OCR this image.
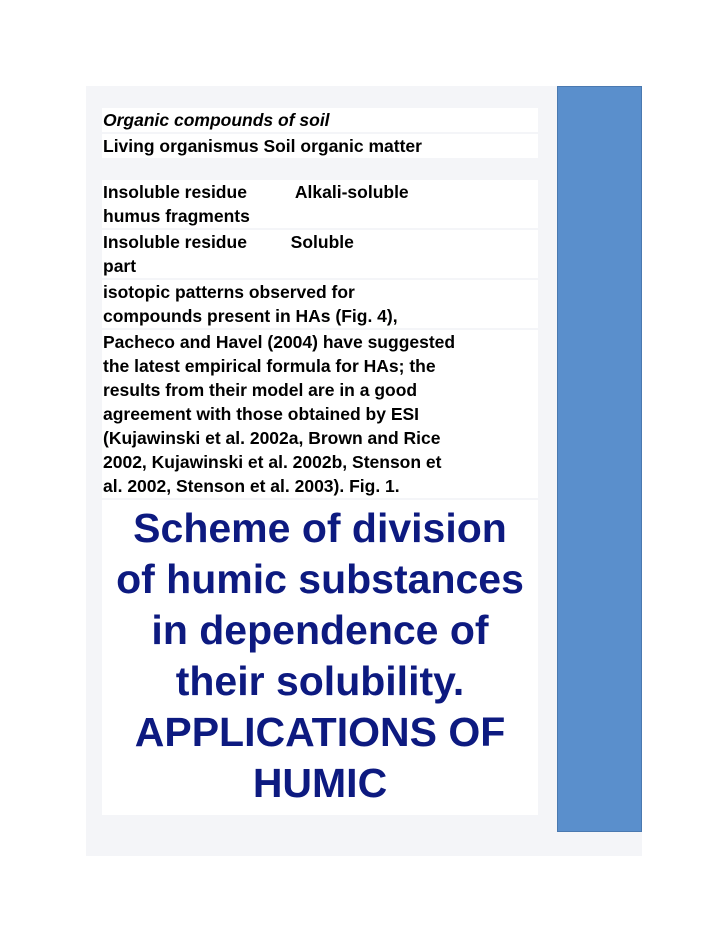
Organic compounds of soil
Living organismus Soil organic matter
Insoluble residue          Alkali-soluble
humus fragments
Insoluble residue         Soluble
part
isotopic patterns observed for
compounds present in HAs (Fig. 4),
Pacheco and Havel (2004) have suggested
the latest empirical formula for HAs; the
results from their model are in a good
agreement with those obtained by ESI
(Kujawinski et al. 2002a, Brown and Rice
2002, Kujawinski et al. 2002b, Stenson et
al. 2002, Stenson et al. 2003). Fig. 1.
Scheme of division
of humic substances
in dependence of
their solubility.
APPLICATIONS OF
HUMIC
